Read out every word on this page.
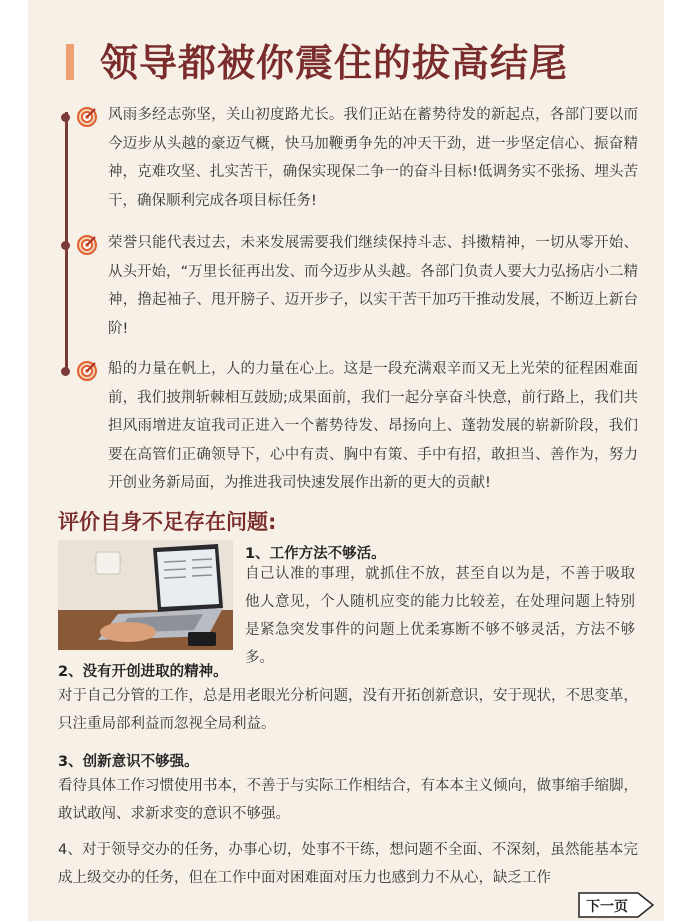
领导都被你震住的拔高结尾
风雨多经志弥坚，关山初度路尤长。我们正站在蓄势待发的新起点，各部门要以而今迈步从头越的豪迈气概，快马加鞭勇争先的冲天干劲，进一步坚定信心、振奋精神，克难攻坚、扎实苦干，确保实现保二争一的奋斗目标!低调务实不张扬、埋头苦干，确保顺利完成各项目标任务!
荣誉只能代表过去，未来发展需要我们继续保持斗志、抖擞精神，一切从零开始、从头开始，“万里长征再出发、而今迈步从头越。各部门负责人要大力弘扬店小二精神，撸起袖子、甩开膀子、迈开步子，以实干苦干加巧干推动发展，不断迈上新台阶!
船的力量在帆上，人的力量在心上。这是一段充满艰辛而又无上光荣的征程困难面前，我们披荆斩棘相互鼓励;成果面前，我们一起分享奋斗快意，前行路上，我们共担风雨增进友谊我司正进入一个蓄势待发、昂扬向上、蓬勃发展的崭新阶段，我们要在高管们正确领导下，心中有责、胸中有策、手中有招，敢担当、善作为，努力开创业务新局面，为推进我司快速发展作出新的更大的贡献!
评价自身不足存在问题:
1、工作方法不够活。
自己认准的事理，就抓住不放，甚至自以为是，不善于吸取他人意见，个人随机应变的能力比较差，在处理问题上特别是紧急突发事件的问题上优柔寡断不够不够灵活，方法不够多。
2、没有开创进取的精神。
对于自己分管的工作，总是用老眼光分析问题，没有开拓创新意识，安于现状，不思变革，只注重局部利益而忽视全局利益。
3、创新意识不够强。
看待具体工作习惯使用书本，不善于与实际工作相结合，有本本主义倾向，做事缩手缩脚，敢试敢闯、求新求变的意识不够强。
4、对于领导交办的任务，办事心切，处事不干练，想问题不全面、不深刻，虽然能基本完成上级交办的任务，但在工作中面对困难面对压力也感到力不从心，缺乏工作
下一页
